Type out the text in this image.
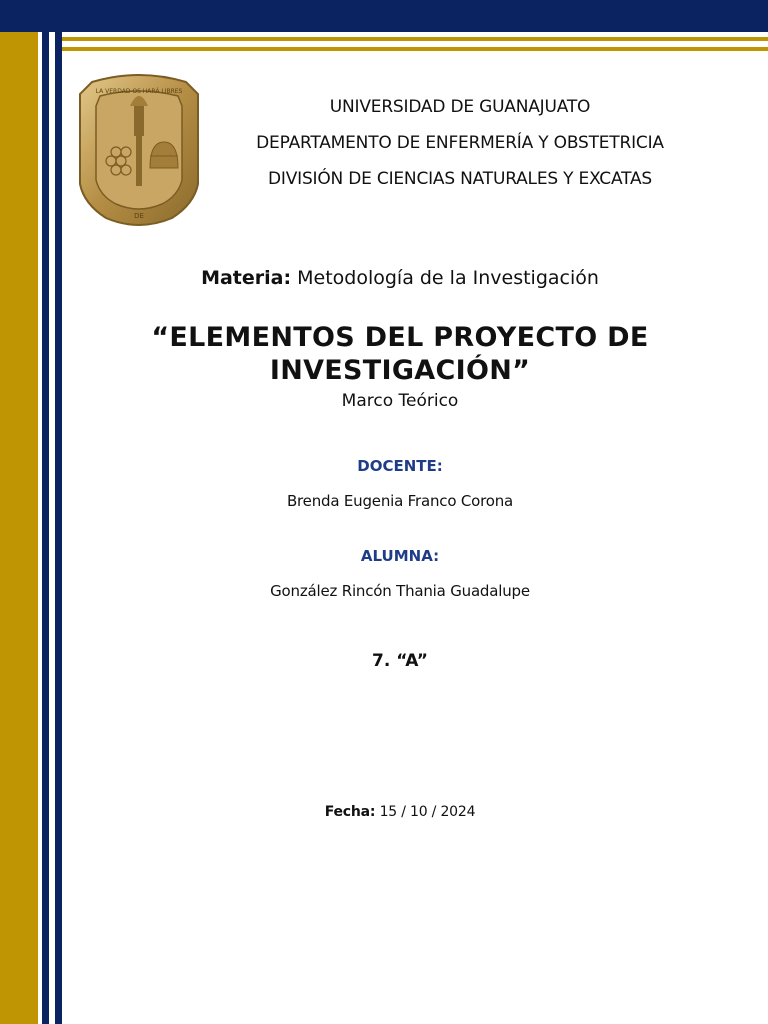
LA VERDAD OS HARÁ LIBRES
DE
UNIVERSIDAD DE GUANAJUATO
DEPARTAMENTO DE ENFERMERÍA Y OBSTETRICIA
DIVISIÓN DE CIENCIAS NATURALES Y EXCATAS
Materia: Metodología de la Investigación
“ELEMENTOS DEL PROYECTO DE
INVESTIGACIÓN”
Marco Teórico
DOCENTE:
Brenda Eugenia Franco Corona
ALUMNA:
González Rincón Thania Guadalupe
7. “A”
Fecha: 15 / 10 / 2024
